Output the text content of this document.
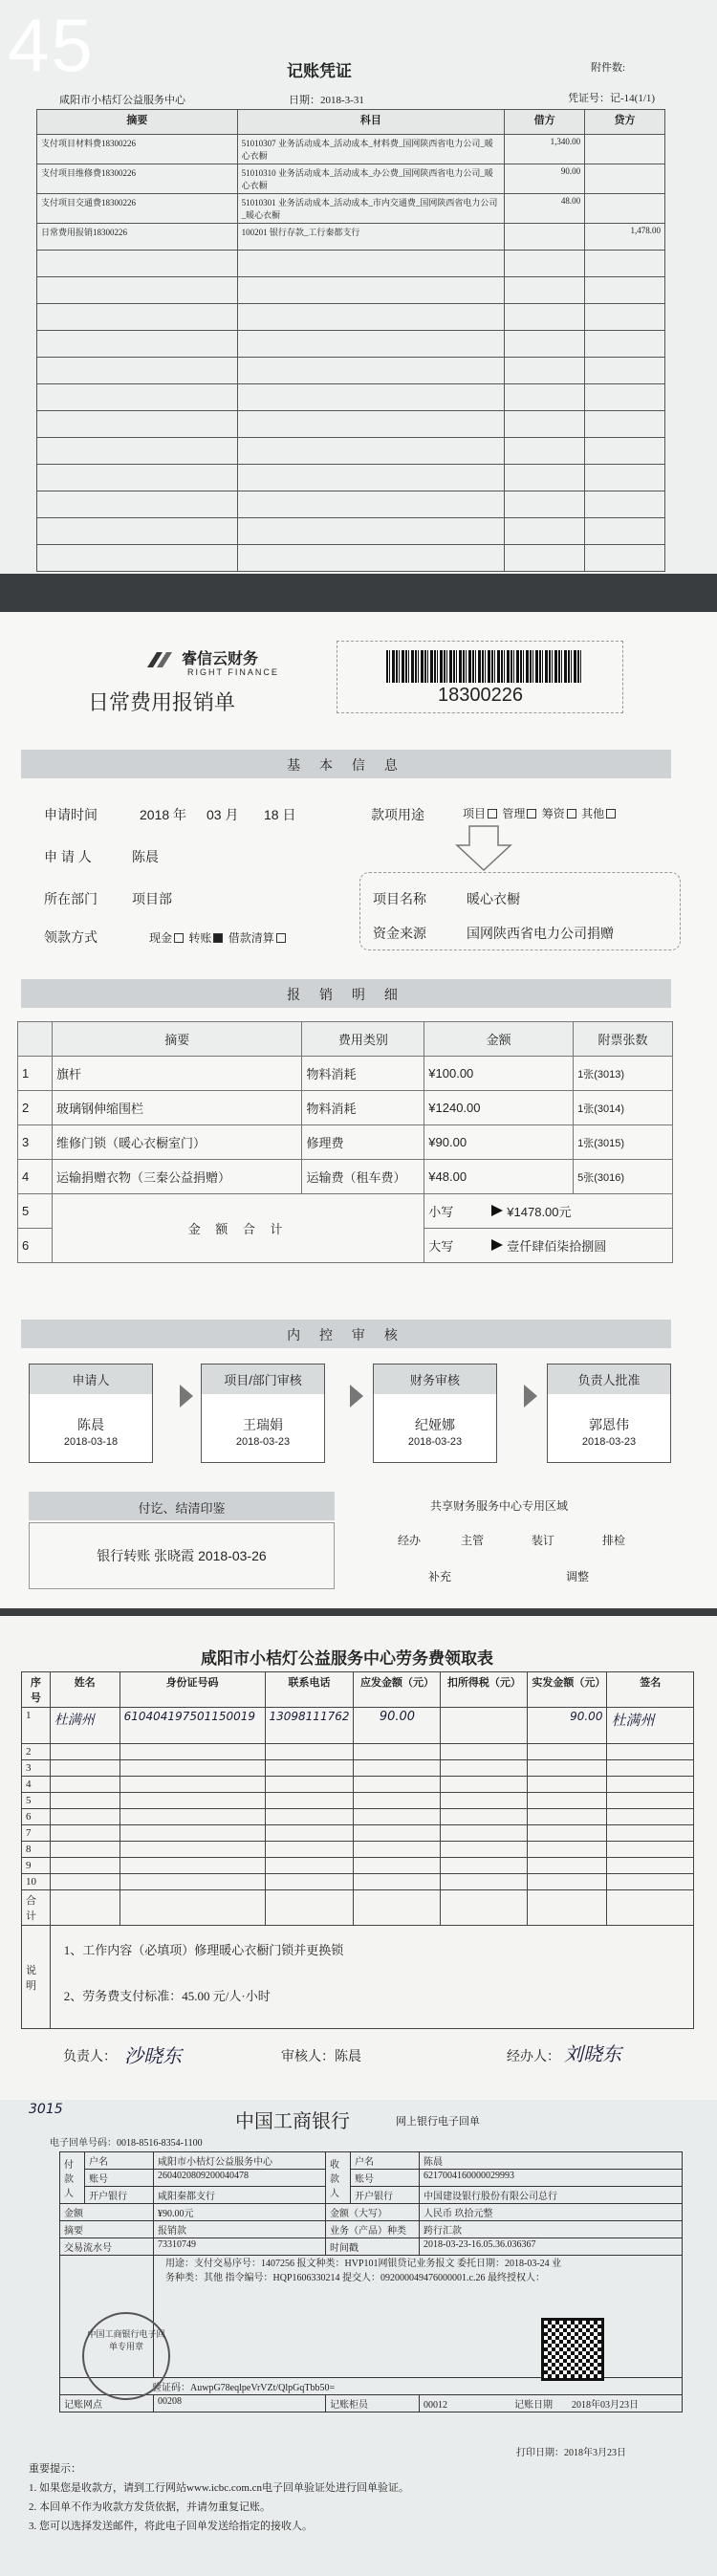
45	记账凭证	附件数:
咸阳市小桔灯公益服务中心	日期：2018-3-31	凭证号：记-14(1/1)
摘要	科目	借方	贷方
支付项目材料费18300226	51010307 业务活动成本_活动成本_材料费_国网陕西省电力公司_暖心衣橱	1,340.00	
支付项目维修费18300226	51010310 业务活动成本_活动成本_办公费_国网陕西省电力公司_暖心衣橱	90.00	
支付项目交通费18300226	51010301 业务活动成本_活动成本_市内交通费_国网陕西省电力公司_暖心衣橱	48.00	
日常费用报销18300226	100201 银行存款_工行秦都支行		1,478.00

睿信云财务
RIGHT FINANCE
日常费用报销单	18300226
基 本 信 息
申请时间	2018 年 03 月 18 日	款项用途	项目 管理 筹资 其他
申 请 人	陈晨
所在部门	项目部	项目名称	暖心衣橱
资金来源	国网陕西省电力公司捐赠
领款方式	现金 转账 借款清算
报 销 明 细
	摘要	费用类别	金额	附票张数
1	旗杆	物料消耗	¥100.00	1张(3013)
2	玻璃钢伸缩围栏	物料消耗	¥1240.00	1张(3014)
3	维修门锁（暖心衣橱室门）	修理费	¥90.00	1张(3015)
4	运输捐赠衣物（三秦公益捐赠）	运输费（租车费）	¥48.00	5张(3016)
5	金 额 合 计		小写 ¥1478.00元	
6			大写 壹仟肆佰柒拾捌圆	
内 控 审 核
申请人
陈晨
2018-03-18
项目/部门审核
王瑞娟
2018-03-23
财务审核
纪娅娜
2018-03-23
负责人批准
郭恩伟
2018-03-23
付讫、结清印鉴
银行转账 张晓霞 2018-03-26
共享财务服务中心专用区域
经办	主管	装订	排检
补充	调整
咸阳市小桔灯公益服务中心劳务费领取表
序号	姓名	身份证号码	联系电话	应发金额（元）	扣所得税（元）	实发金额（元）	签名
1	杜满州	610404197501150019	13098111762	90.00		90.00	杜满州
2							
3							
4							
5							
6							
7							
8							
9							
10							
合计							
说明	1、工作内容（必填项）修理暖心衣橱门锁并更换锁
2、劳务费支付标准：45.00 元/人·小时						
负责人： 沙晓东	审核人：陈晨	经办人： 刘晓东
3015
中国工商银行	网上银行电子回单
电子回单号码：0018-8516-8354-1100
付款人	户名	咸阳市小桔灯公益服务中心	收款人	户名	陈晨
	账号	2604020809200040478		账号	6217004160000029993
	开户银行	咸阳秦都支行		开户银行	中国建设银行股份有限公司总行
金额		¥90.00元	金额（大写）		人民币 玖拾元整
摘要		报销款	业务（产品）种类		跨行汇款
交易流水号		73310749	时间戳		2018-03-23-16.05.36.036367

		用途：支付交易序号：1407256 报文种类：HVP101网银贷记业务报文 委托日期：2018-03-24 业务种类：其他 指令编号：HQP1606330214 提交人：092000049476000001.c.26 最终授权人：			

验证码：AuwpG78eqlpeVrVZt/QlpGqTbb50=					
记账网点		00208	记账柜员		00012 记账日期 2018年03月23日
中国工商银行电子回单专用章
打印日期：2018年3月23日
重要提示：
1. 如果您是收款方，请到工行网站www.icbc.com.cn电子回单验证处进行回单验证。
2. 本回单不作为收款方发货依据，并请勿重复记账。
3. 您可以选择发送邮件，将此电子回单发送给指定的接收人。
